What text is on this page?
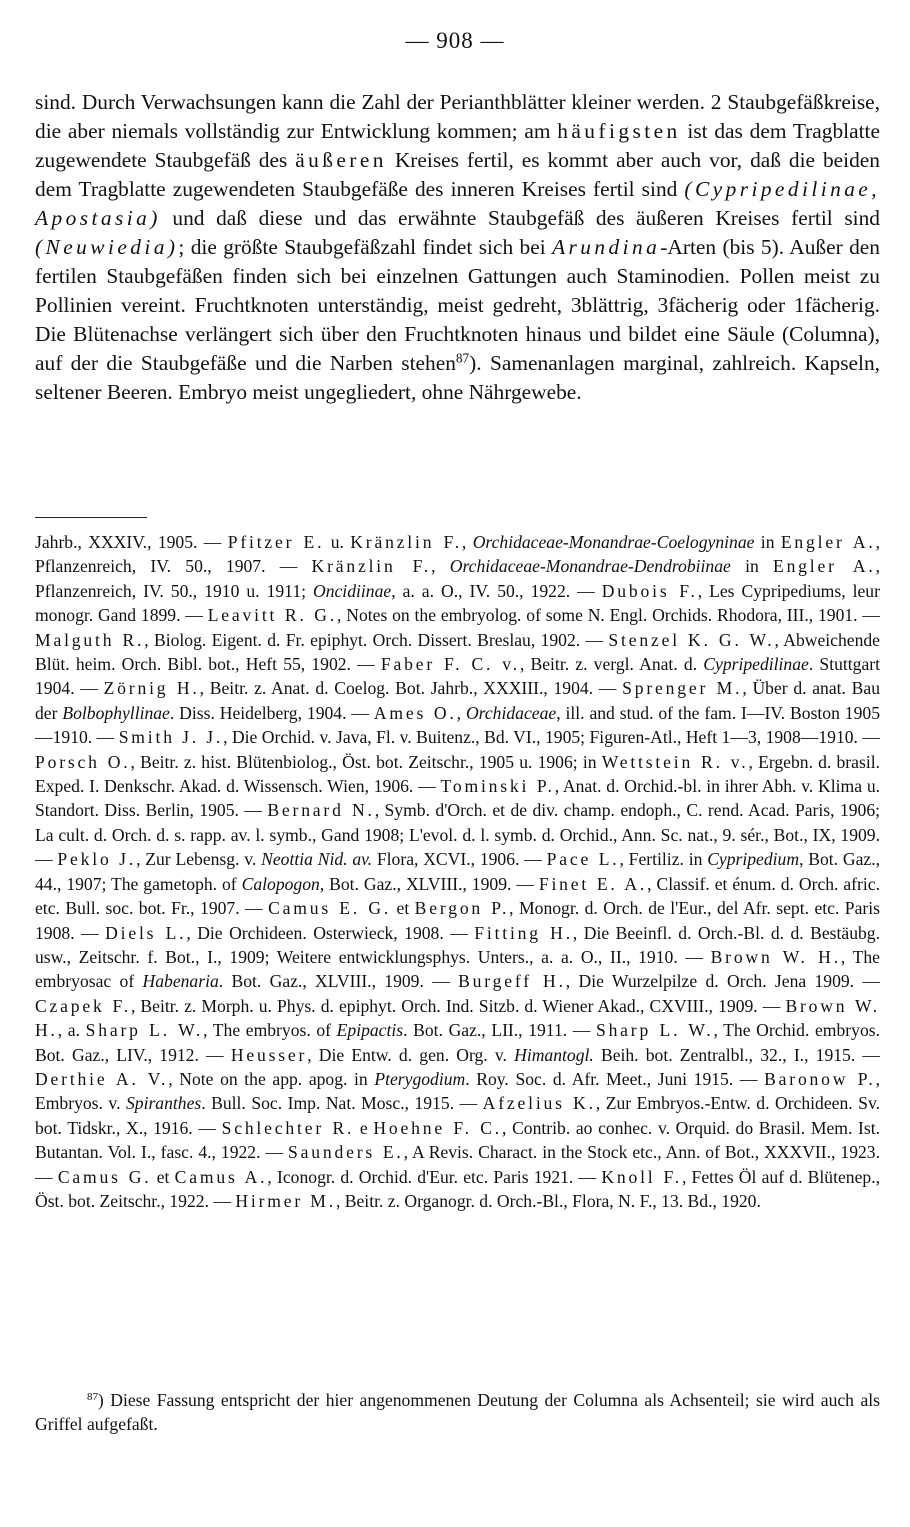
— 908 —

sind. Durch Verwachsungen kann die Zahl der Perianthblätter kleiner werden. 2 Staubgefäßkreise, die aber niemals vollständig zur Entwicklung kommen; am häufigsten ist das dem Tragblatte zugewendete Staubgefäß des äußeren Kreises fertil, es kommt aber auch vor, daß die beiden dem Tragblatte zugewendeten Staubgefäße des inneren Kreises fertil sind (Cypripedilinae, Apostasia) und daß diese und das erwähnte Staubgefäß des äußeren Kreises fertil sind (Neuwiedia); die größte Staubgefäßzahl findet sich bei Arundina-Arten (bis 5). Außer den fertilen Staubgefäßen finden sich bei einzelnen Gattungen auch Staminodien. Pollen meist zu Pollinien vereint. Fruchtknoten unterständig, meist gedreht, 3blättrig, 3fächerig oder 1fächerig. Die Blütenachse verlängert sich über den Fruchtknoten hinaus und bildet eine Säule (Columna), auf der die Staubgefäße und die Narben stehen$^{87}$). Samenanlagen marginal, zahlreich. Kapseln, seltener Beeren. Embryo meist ungegliedert, ohne Nährgewebe.

Jahrb., XXXIV., 1905. — Pfitzer E. u. Kränzlin F., Orchidaceae-Monandrae-Coelogyninae in Engler A., Pflanzenreich, IV. 50., 1907. — Kränzlin F., Orchidaceae-Monandrae-Dendrobiinae in Engler A., Pflanzenreich, IV. 50., 1910 u. 1911; Oncidiinae, a. a. O., IV. 50., 1922. — Dubois F., Les Cypripediums, leur monogr. Gand 1899. — Leavitt R. G., Notes on the embryolog. of some N. Engl. Orchids. Rhodora, III., 1901. — Malguth R., Biolog. Eigent. d. Fr. epiphyt. Orch. Dissert. Breslau, 1902. — Stenzel K. G. W., Abweichende Blüt. heim. Orch. Bibl. bot., Heft 55, 1902. — Faber F. C. v., Beitr. z. vergl. Anat. d. Cypripedilinae. Stuttgart 1904. — Zörnig H., Beitr. z. Anat. d. Coelog. Bot. Jahrb., XXXIII., 1904. — Sprenger M., Über d. anat. Bau der Bolbophyllinae. Diss. Heidelberg, 1904. — Ames O., Orchidaceae, ill. and stud. of the fam. I—IV. Boston 1905—1910. — Smith J. J., Die Orchid. v. Java, Fl. v. Buitenz., Bd. VI., 1905; Figuren-Atl., Heft 1—3, 1908—1910. — Porsch O., Beitr. z. hist. Blütenbiolog., Öst. bot. Zeitschr., 1905 u. 1906; in Wettstein R. v., Ergebn. d. brasil. Exped. I. Denkschr. Akad. d. Wissensch. Wien, 1906. — Tominski P., Anat. d. Orchid.-bl. in ihrer Abh. v. Klima u. Standort. Diss. Berlin, 1905. — Bernard N., Symb. d'Orch. et de div. champ. endoph., C. rend. Acad. Paris, 1906; La cult. d. Orch. d. s. rapp. av. l. symb., Gand 1908; L'evol. d. l. symb. d. Orchid., Ann. Sc. nat., 9. sér., Bot., IX, 1909. — Peklo J., Zur Lebensg. v. Neottia Nid. av. Flora, XCVI., 1906. — Pace L., Fertiliz. in Cypripedium, Bot. Gaz., 44., 1907; The gametoph. of Calopogon, Bot. Gaz., XLVIII., 1909. — Finet E. A., Classif. et énum. d. Orch. afric. etc. Bull. soc. bot. Fr., 1907. — Camus E. G. et Bergon P., Monogr. d. Orch. de l'Eur., del Afr. sept. etc. Paris 1908. — Diels L., Die Orchideen. Osterwieck, 1908. — Fitting H., Die Beeinfl. d. Orch.-Bl. d. d. Bestäubg. usw., Zeitschr. f. Bot., I., 1909; Weitere entwicklungsphys. Unters., a. a. O., II., 1910. — Brown W. H., The embryosac of Habenaria. Bot. Gaz., XLVIII., 1909. — Burgeff H., Die Wurzelpilze d. Orch. Jena 1909. — Czapek F., Beitr. z. Morph. u. Phys. d. epiphyt. Orch. Ind. Sitzb. d. Wiener Akad., CXVIII., 1909. — Brown W. H., a. Sharp L. W., The embryos. of Epipactis. Bot. Gaz., LII., 1911. — Sharp L. W., The Orchid. embryos. Bot. Gaz., LIV., 1912. — Heusser, Die Entw. d. gen. Org. v. Himantogl. Beih. bot. Zentralbl., 32., I., 1915. — Derthie A. V., Note on the app. apog. in Pterygodium. Roy. Soc. d. Afr. Meet., Juni 1915. — Baronow P., Embryos. v. Spiranthes. Bull. Soc. Imp. Nat. Mosc., 1915. — Afzelius K., Zur Embryos.-Entw. d. Orchideen. Sv. bot. Tidskr., X., 1916. — Schlechter R. e Hoehne F. C., Contrib. ao conhec. v. Orquid. do Brasil. Mem. Ist. Butantan. Vol. I., fasc. 4., 1922. — Saunders E., A Revis. Charact. in the Stock etc., Ann. of Bot., XXXVII., 1923. — Camus G. et Camus A., Iconogr. d. Orchid. d'Eur. etc. Paris 1921. — Knoll F., Fettes Öl auf d. Blütenep., Öst. bot. Zeitschr., 1922. — Hirmer M., Beitr. z. Organogr. d. Orch.-Bl., Flora, N. F., 13. Bd., 1920.

$^{87}$) Diese Fassung entspricht der hier angenommenen Deutung der Columna als Achsenteil; sie wird auch als Griffel aufgefaßt.
